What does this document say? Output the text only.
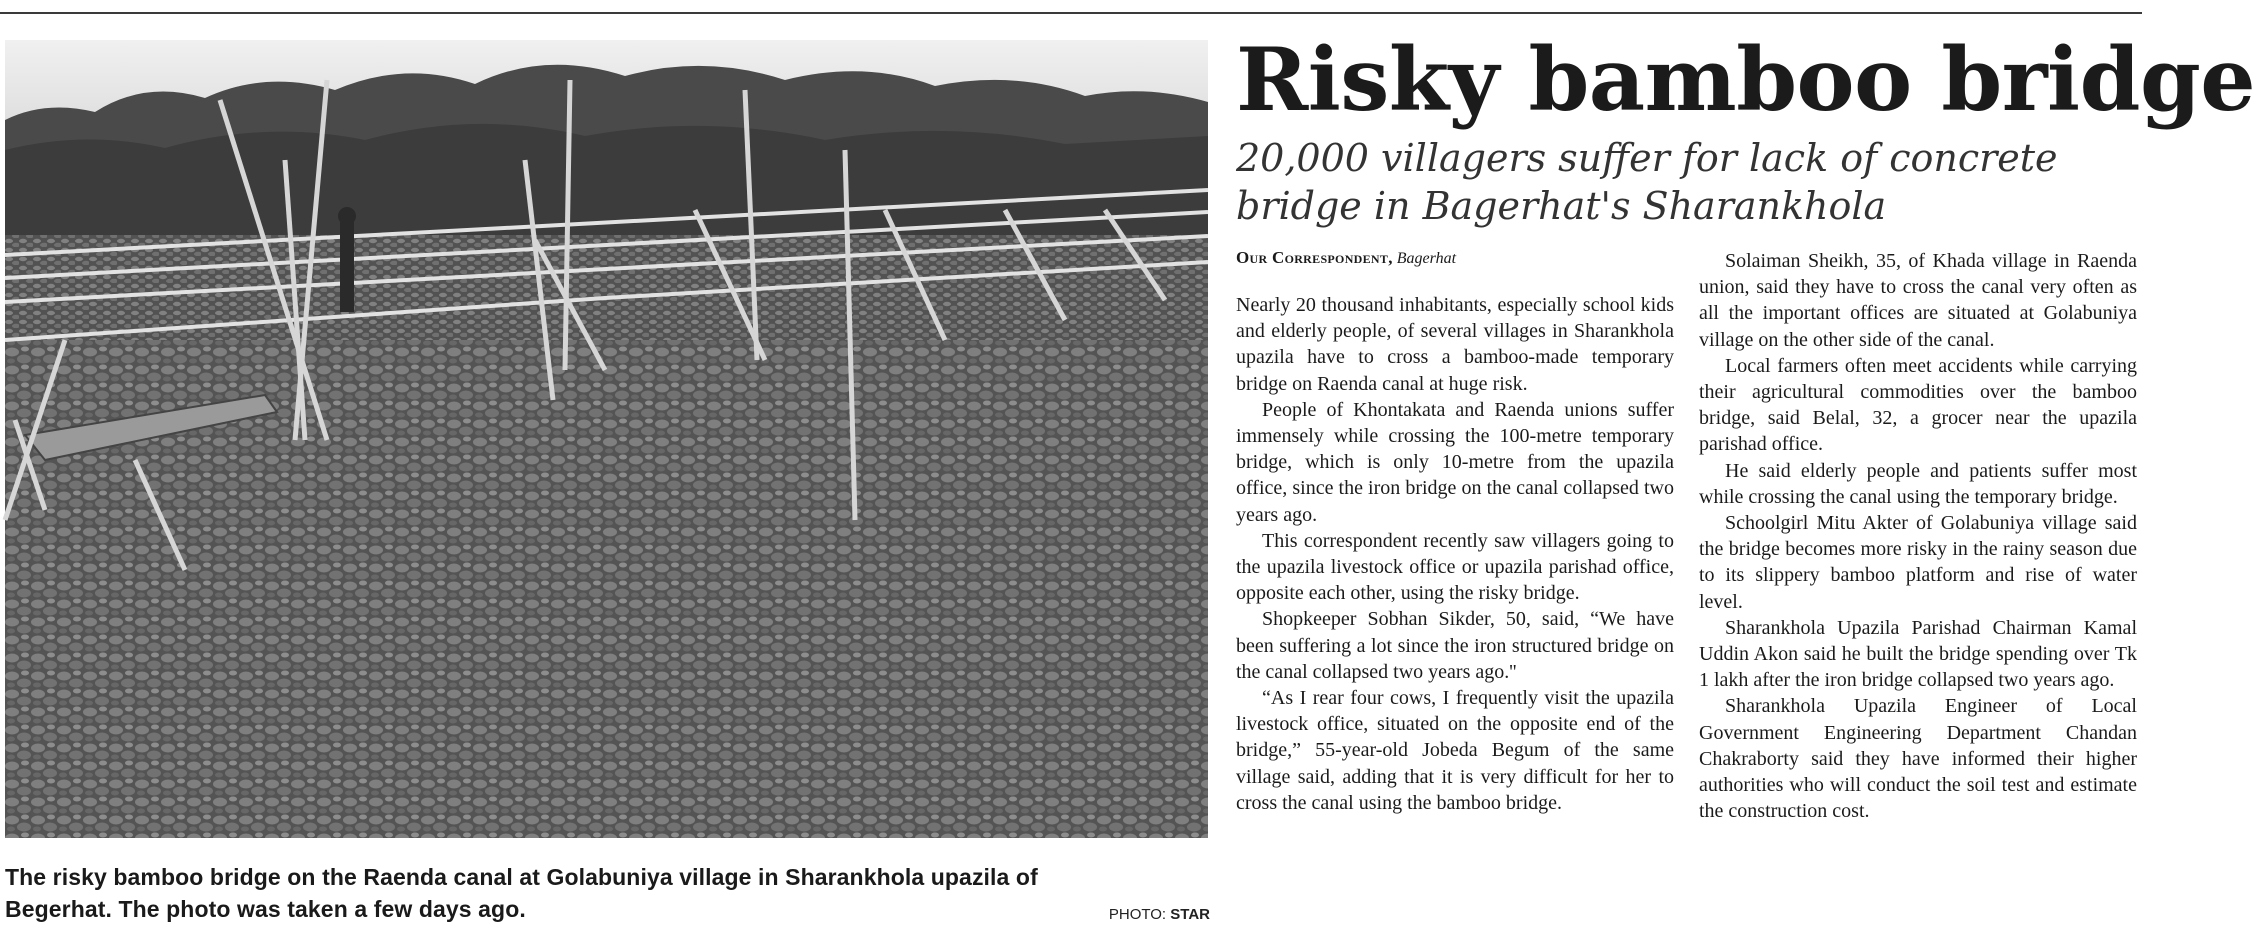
The risky bamboo bridge on the Raenda canal at Golabuniya village in Sharankhola upazila of Begerhat. The photo was taken a few days ago.	PHOTO: STAR
Risky bamboo bridge
20,000 villagers suffer for lack of concrete bridge in Bagerhat's Sharankhola
Our Correspondent, Bagerhat

Nearly 20 thousand inhabitants, especially school kids and elderly people, of several villages in Sharankhola upazila have to cross a bamboo-made temporary bridge on Raenda canal at huge risk.

People of Khontakata and Raenda unions suffer immensely while crossing the 100-metre temporary bridge, which is only 10-metre from the upazila office, since the iron bridge on the canal collapsed two years ago.

This correspondent recently saw villagers going to the upazila livestock office or upazila parishad office, opposite each other, using the risky bridge.

Shopkeeper Sobhan Sikder, 50, said, “We have been suffering a lot since the iron structured bridge on the canal collapsed two years ago.''

“As I rear four cows, I frequently visit the upazila livestock office, situated on the opposite end of the bridge,” 55-year-old Jobeda Begum of the same village said, adding that it is very difficult for her to cross the canal using the bamboo bridge.

Solaiman Sheikh, 35, of Khada village in Raenda union, said they have to cross the canal very often as all the important offices are situated at Golabuniya village on the other side of the canal.

Local farmers often meet accidents while carrying their agricultural commodities over the bamboo bridge, said Belal, 32, a grocer near the upazila parishad office.

He said elderly people and patients suffer most while crossing the canal using the temporary bridge.

Schoolgirl Mitu Akter of Golabuniya village said the bridge becomes more risky in the rainy season due to its slippery bamboo platform and rise of water level.

Sharankhola Upazila Parishad Chairman Kamal Uddin Akon said he built the bridge spending over Tk 1 lakh after the iron bridge collapsed two years ago.

Sharankhola Upazila Engineer of Local Government Engineering Department Chandan Chakraborty said they have informed their higher authorities who will conduct the soil test and estimate the construction cost.
